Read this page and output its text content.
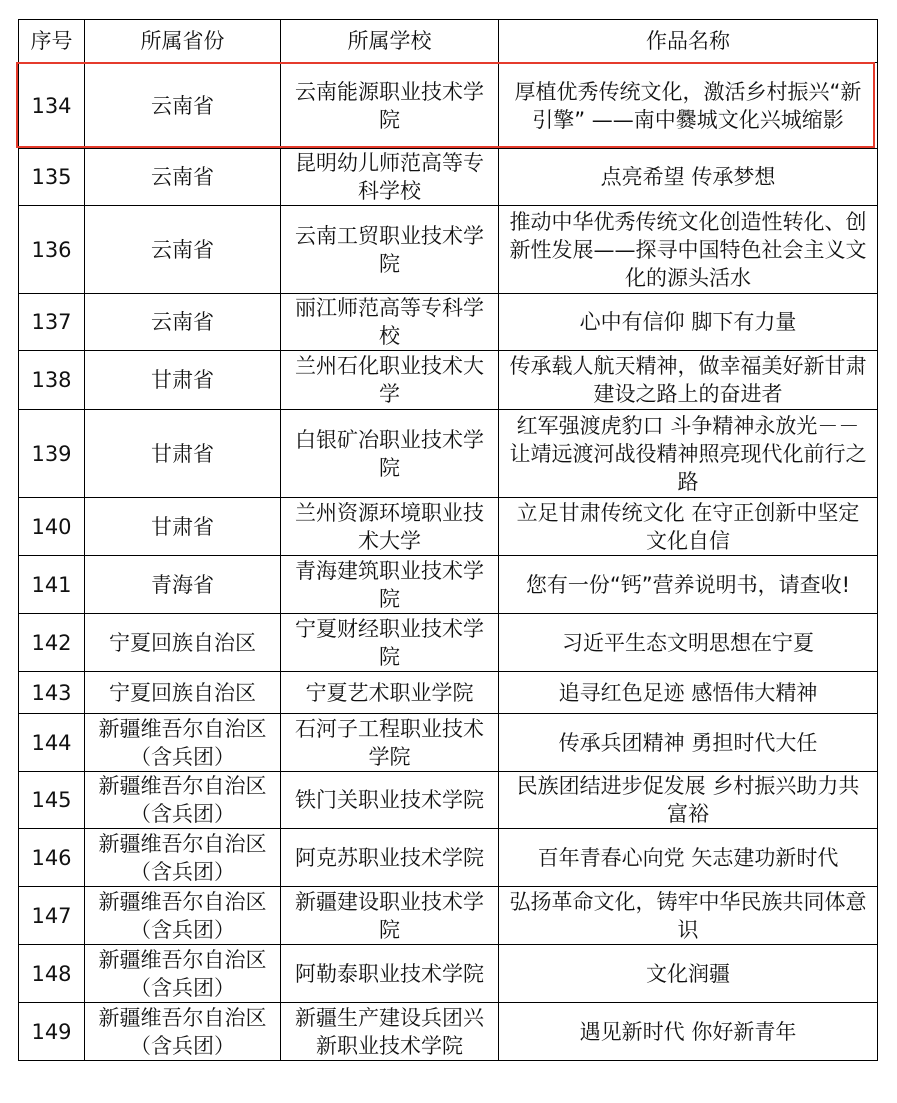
序号	所属省份	所属学校	作品名称
134	云南省	云南能源职业技术学院	厚植优秀传统文化，激活乡村振兴“新引擎” ——南中爨城文化兴城缩影
135	云南省	昆明幼儿师范高等专科学校	点亮希望 传承梦想
136	云南省	云南工贸职业技术学院	推动中华优秀传统文化创造性转化、创新性发展——探寻中国特色社会主义文化的源头活水
137	云南省	丽江师范高等专科学校	心中有信仰 脚下有力量
138	甘肃省	兰州石化职业技术大学	传承载人航天精神，做幸福美好新甘肃建设之路上的奋进者
139	甘肃省	白银矿冶职业技术学院	红军强渡虎豹口 斗争精神永放光－－让靖远渡河战役精神照亮现代化前行之路
140	甘肃省	兰州资源环境职业技术大学	立足甘肃传统文化 在守正创新中坚定文化自信
141	青海省	青海建筑职业技术学院	您有一份“钙”营养说明书，请查收!
142	宁夏回族自治区	宁夏财经职业技术学院	习近平生态文明思想在宁夏
143	宁夏回族自治区	宁夏艺术职业学院	追寻红色足迹 感悟伟大精神
144	新疆维吾尔自治区（含兵团）	石河子工程职业技术学院	传承兵团精神 勇担时代大任
145	新疆维吾尔自治区（含兵团）	铁门关职业技术学院	民族团结进步促发展 乡村振兴助力共富裕
146	新疆维吾尔自治区（含兵团）	阿克苏职业技术学院	百年青春心向党 矢志建功新时代
147	新疆维吾尔自治区（含兵团）	新疆建设职业技术学院	弘扬革命文化，铸牢中华民族共同体意识
148	新疆维吾尔自治区（含兵团）	阿勒泰职业技术学院	文化润疆
149	新疆维吾尔自治区（含兵团）	新疆生产建设兵团兴新职业技术学院	遇见新时代 你好新青年
